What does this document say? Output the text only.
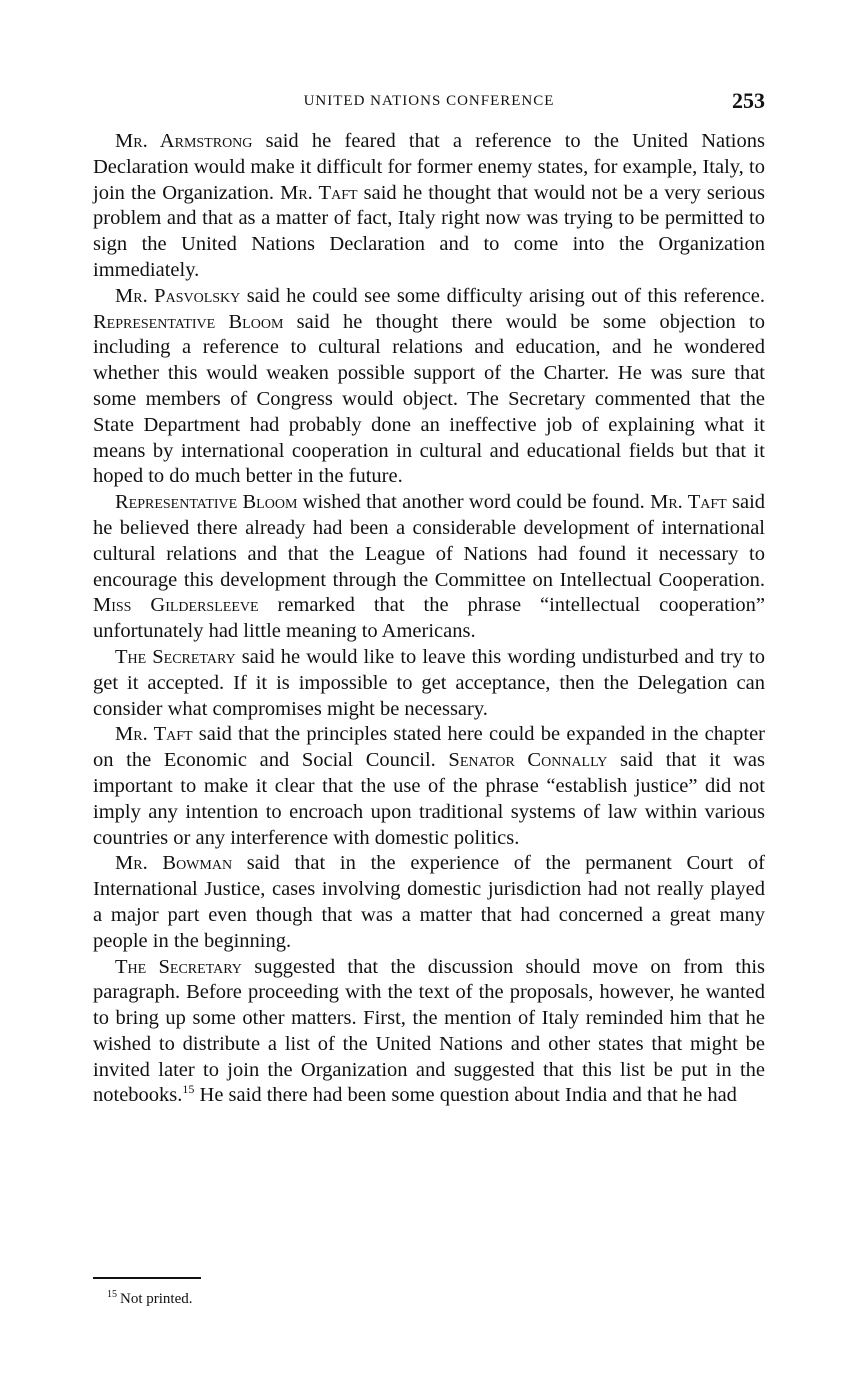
UNITED NATIONS CONFERENCE	253

Mr. Armstrong said he feared that a reference to the United Nations Declaration would make it difficult for former enemy states, for example, Italy, to join the Organization. Mr. Taft said he thought that would not be a very serious problem and that as a matter of fact, Italy right now was trying to be permitted to sign the United Nations Declaration and to come into the Organization immediately.

Mr. Pasvolsky said he could see some difficulty arising out of this reference. Representative Bloom said he thought there would be some objection to including a reference to cultural relations and education, and he wondered whether this would weaken possible support of the Charter. He was sure that some members of Congress would object. The Secretary commented that the State Department had probably done an ineffective job of explaining what it means by international cooperation in cultural and educational fields but that it hoped to do much better in the future.

Representative Bloom wished that another word could be found. Mr. Taft said he believed there already had been a considerable development of international cultural relations and that the League of Nations had found it necessary to encourage this development through the Committee on Intellectual Cooperation. Miss Gildersleeve remarked that the phrase “intellectual cooperation” unfortunately had little meaning to Americans.

The Secretary said he would like to leave this wording undisturbed and try to get it accepted. If it is impossible to get acceptance, then the Delegation can consider what compromises might be necessary.

Mr. Taft said that the principles stated here could be expanded in the chapter on the Economic and Social Council. Senator Connally said that it was important to make it clear that the use of the phrase “establish justice” did not imply any intention to encroach upon traditional systems of law within various countries or any interference with domestic politics.

Mr. Bowman said that in the experience of the permanent Court of International Justice, cases involving domestic jurisdiction had not really played a major part even though that was a matter that had concerned a great many people in the beginning.

The Secretary suggested that the discussion should move on from this paragraph. Before proceeding with the text of the proposals, however, he wanted to bring up some other matters. First, the mention of Italy reminded him that he wished to distribute a list of the United Nations and other states that might be invited later to join the Organization and suggested that this list be put in the notebooks.$^{15}$ He said there had been some question about India and that he had

$^{15}$ Not printed.
